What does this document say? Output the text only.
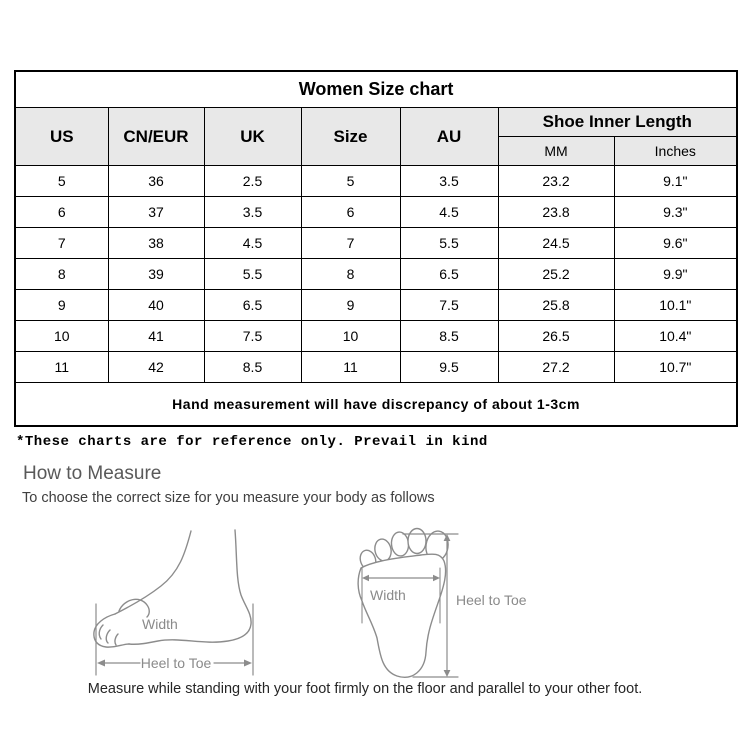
Women Size chart						
US	CN/EUR	UK	Size	AU	Shoe Inner Length	
					MM	Inches
5	36	2.5	5	3.5	23.2	9.1"
6	37	3.5	6	4.5	23.8	9.3"
7	38	4.5	7	5.5	24.5	9.6"
8	39	5.5	8	6.5	25.2	9.9"
9	40	6.5	9	7.5	25.8	10.1"
10	41	7.5	10	8.5	26.5	10.4"
11	42	8.5	11	9.5	27.2	10.7"
Hand measurement will have discrepancy of about 1-3cm						
*These charts are for reference only. Prevail in kind
How to Measure
To choose the correct size for you measure your body as follows
Width
Heel to Toe
Width	Heel to Toe
Measure while standing with your foot firmly on the floor and parallel to your other foot.
